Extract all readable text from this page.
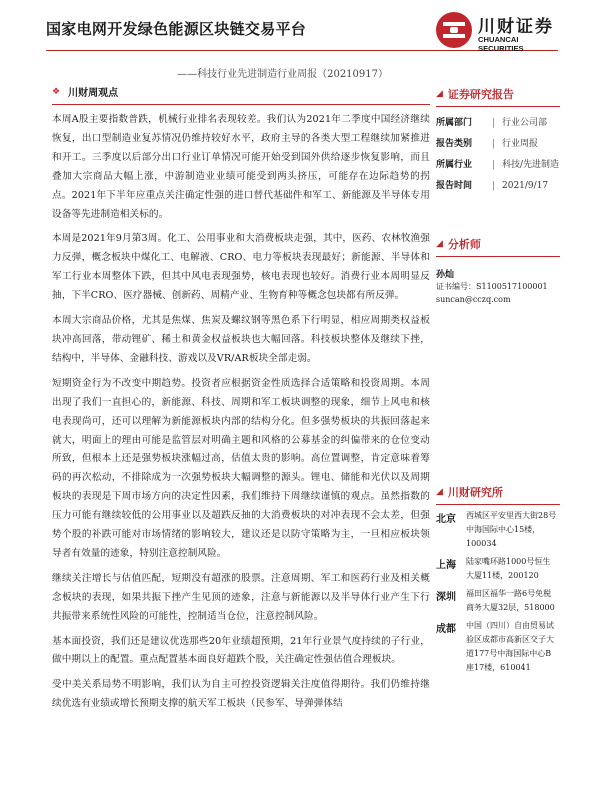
国家电网开发绿色能源区块链交易平台
——科技行业先进制造行业周报（20210917）
川财证券
CHUANCAI SECURITIES
❖ 川财周观点

本周A股主要指数普跌，机械行业排名表现较差。我们认为2021年二季度中国经济继续恢复，出口型制造业复苏情况仍维持较好水平，政府主导的各类大型工程继续加紧推进和开工。三季度以后部分出口行业订单情况可能开始受到国外供给逐步恢复影响，而且叠加大宗商品大幅上涨，中游制造业业绩可能受到两头挤压，可能存在边际趋势的拐点。2021年下半年应重点关注确定性强的进口替代基础件和军工、新能源及半导体专用设备等先进制造相关标的。

本周是2021年9月第3周。化工、公用事业和大消费板块走强，其中，医药、农林牧渔强力反弹，概念板块中煤化工、电解液、CRO、电力等板块表现最好；新能源、半导体和军工行业本周整体下跌，但其中风电表现强势，核电表现也较好。消费行业本周明显反抽，下半CRO、医疗器械、创新药、周精产业、生物育种等概念包块都有所反弹。

本周大宗商品价格，尤其是焦煤、焦炭及螺纹钢等黑色系下行明显，相应周期类权益板块冲高回落，带动锂矿、稀土和黄金权益板块也大幅回落。科技板块整体及继续下挫，结构中，半导体、金融科技、游戏以及VR/AR板块全部走弱。

短期资金行为不改变中期趋势。投资者应根据资金性质选择合适策略和投资周期。本周出现了我们一直担心的，新能源、科技、周期和军工板块调整的现象，细节上风电和核电表现尚可，还可以理解为新能源板块内部的结构分化。但多强势板块的共振回落起来就大，明面上的理由可能是监管层对明确主题和风格的公募基金的纠偏带来的仓位变动所致，但根本上还是强势板块涨幅过高，估值太贵的影响。高位置调整，肯定意味着筹码的再次松动，不排除成为一次强势板块大幅调整的源头。锂电、储能和光伏以及周期板块的表现是下周市场方向的决定性因素，我们维持下周继续谨慎的观点。虽然指数的压力可能有继续较低的公用事业以及超跌反抽的大消费板块的对冲表现不会太差，但强势个股的补跌可能对市场情绪的影响较大，建议还是以防守策略为主，一旦相应板块领导者有效量的迹象，特别注意控制风险。

继续关注增长与估值匹配，短期没有超涨的股票。注意周期、军工和医药行业及相关概念板块的表现，如果共振下挫产生见顶的迹象，注意与新能源以及半导体行业产生下行共振带来系统性风险的可能性，控制适当仓位，注意控制风险。

基本面投资，我们还是建议优选那些20年业绩超预期，21年行业景气度持续的子行业，做中期以上的配置。重点配置基本面良好超跌个股，关注确定性强估值合理板块。

受中美关系局势不明影响，我们认为自主可控投资逻辑关注度值得期待。我们仍维持继续优选有业绩或增长预期支撑的航天军工板块（民参军、导弹弹体结

◢ 证券研究报告
所属部门	| 行业公司部
报告类别	| 行业周报
所属行业	| 科技/先进制造
报告时间	| 2021/9/17
◢ 分析师
孙灿
证书编号：S1100517100001
suncan@cczq.com
◢ 川财研究所
北京	西城区平安里西大街28号中海国际中心15楼，100034
上海	陆家嘴环路1000号恒生大厦11楼，200120
深圳	福田区福华一路6号免税商务大厦32层，518000
成都	中国（四川）自由贸易试验区成都市高新区交子大道177号中海国际中心B座17楼，610041
